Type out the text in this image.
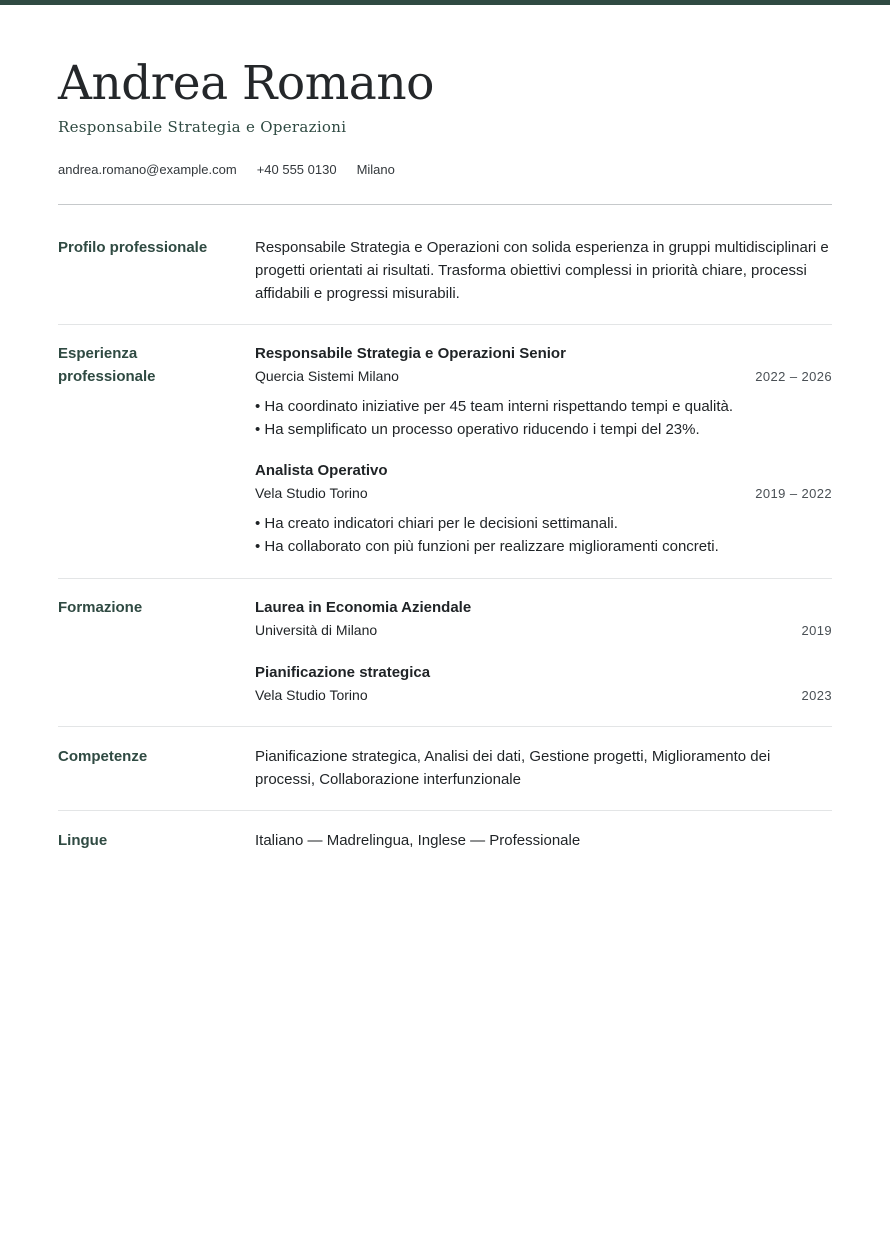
Andrea Romano
Responsabile Strategia e Operazioni
andrea.romano@example.com +40 555 0130 Milano
Profilo professionale	Responsabile Strategia e Operazioni con solida esperienza in gruppi multidisciplinari e progetti orientati ai risultati. Trasforma obiettivi complessi in priorità chiare, processi affidabili e progressi misurabili.
Esperienza professionale
Responsabile Strategia e Operazioni Senior
Quercia Sistemi Milano	2022 – 2026
• Ha coordinato iniziative per 45 team interni rispettando tempi e qualità.
• Ha semplificato un processo operativo riducendo i tempi del 23%.
Analista Operativo
Vela Studio Torino	2019 – 2022
• Ha creato indicatori chiari per le decisioni settimanali.
• Ha collaborato con più funzioni per realizzare miglioramenti concreti.
Formazione	Laurea in Economia Aziendale
Università di Milano	2019
Pianificazione strategica
Vela Studio Torino	2023
Competenze	Pianificazione strategica, Analisi dei dati, Gestione progetti, Miglioramento dei processi, Collaborazione interfunzionale
Lingue	Italiano — Madrelingua, Inglese — Professionale
